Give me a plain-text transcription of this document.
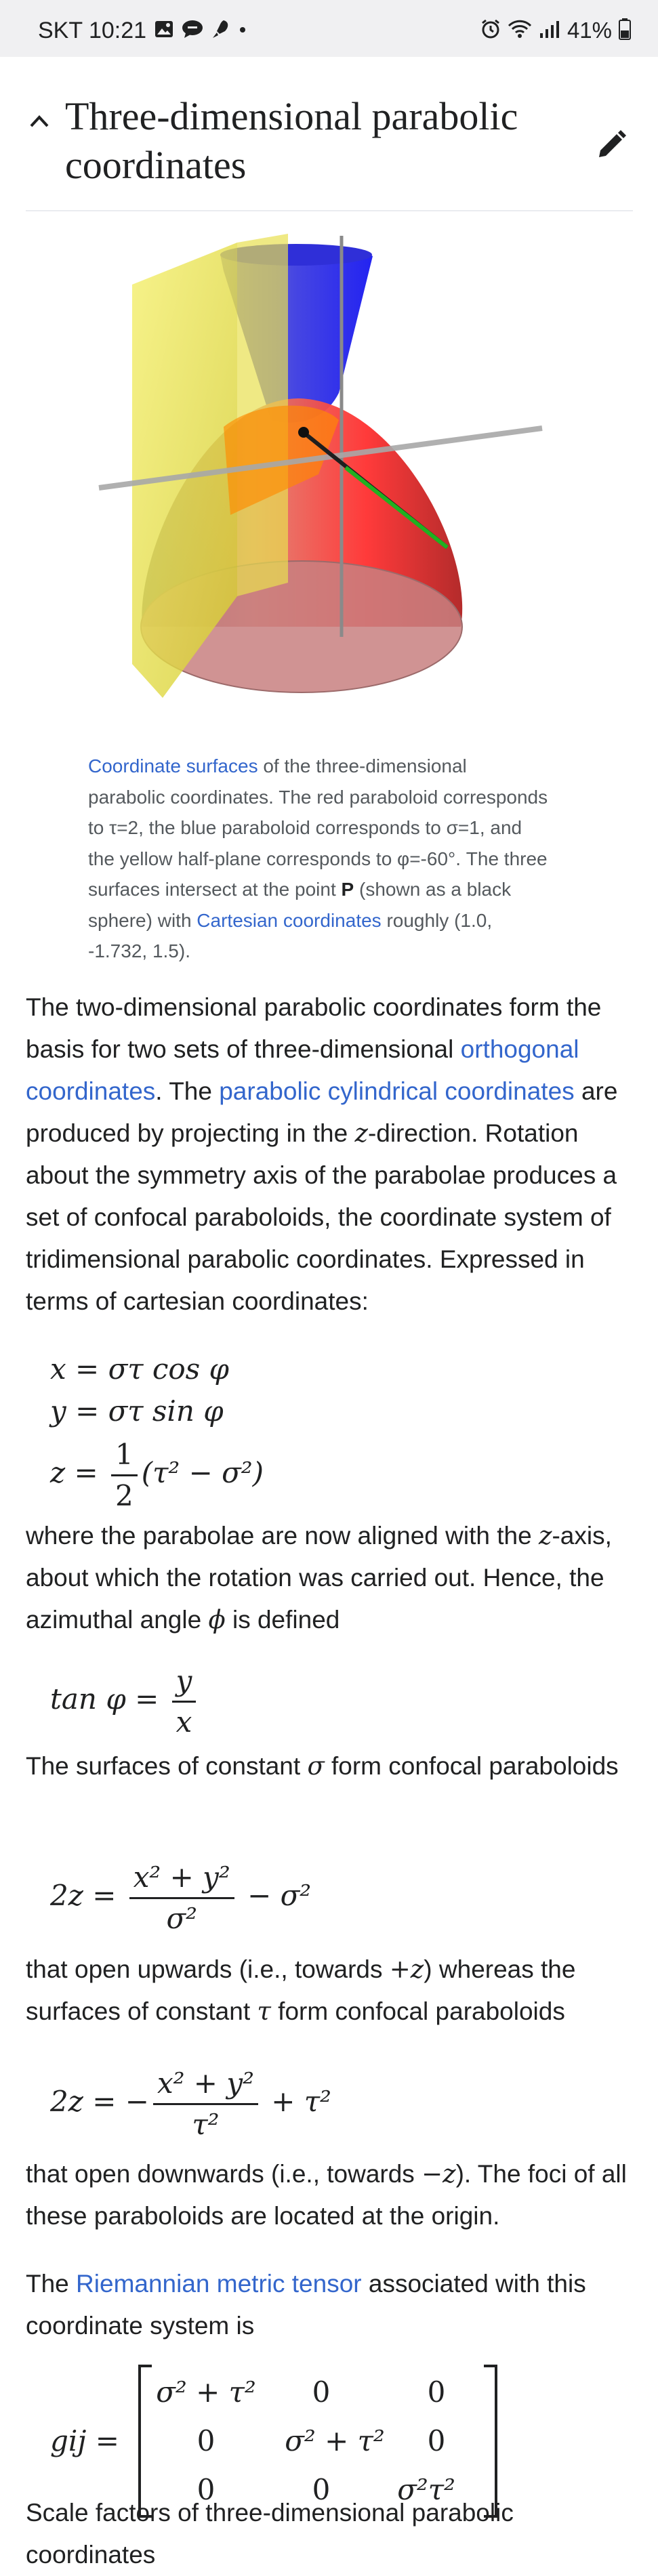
SKT 10:21	41%
Three-dimensional parabolic coordinates
Coordinate surfaces of the three-dimensional parabolic coordinates. The red paraboloid corresponds to τ=2, the blue paraboloid corresponds to σ=1, and the yellow half-plane corresponds to φ=-60°. The three surfaces intersect at the point P (shown as a black sphere) with Cartesian coordinates roughly (1.0, -1.732, 1.5).
The two-dimensional parabolic coordinates form the basis for two sets of three-dimensional orthogonal coordinates. The parabolic cylindrical coordinates are produced by projecting in the z-direction. Rotation about the symmetry axis of the parabolae produces a set of confocal paraboloids, the coordinate system of tridimensional parabolic coordinates. Expressed in terms of cartesian coordinates:
x = στ cos φ
y = στ sin φ
$z = \frac{1}{2} (\tau^2 - \sigma^2)$
where the parabolae are now aligned with the z-axis, about which the rotation was carried out. Hence, the azimuthal angle ϕ is defined
$\tan \varphi = \frac{y}{x}$
The surfaces of constant σ form confocal paraboloids
$2z = \frac{\text{x² + y²}}{\text{σ²}} - \sigma^2$
that open upwards (i.e., towards +z) whereas the surfaces of constant τ form confocal paraboloids
2z = − $\frac{\text{x² + y²}}{\text{τ²}} + \tau^2$
that open downwards (i.e., towards −z). The foci of all these paraboloids are located at the origin.
The Riemannian metric tensor associated with this coordinate system is
gij =
σ² + τ²	0	0
0	σ² + τ²	0
0	0	σ²τ²
Scale factors of three-dimensional parabolic coordinates
